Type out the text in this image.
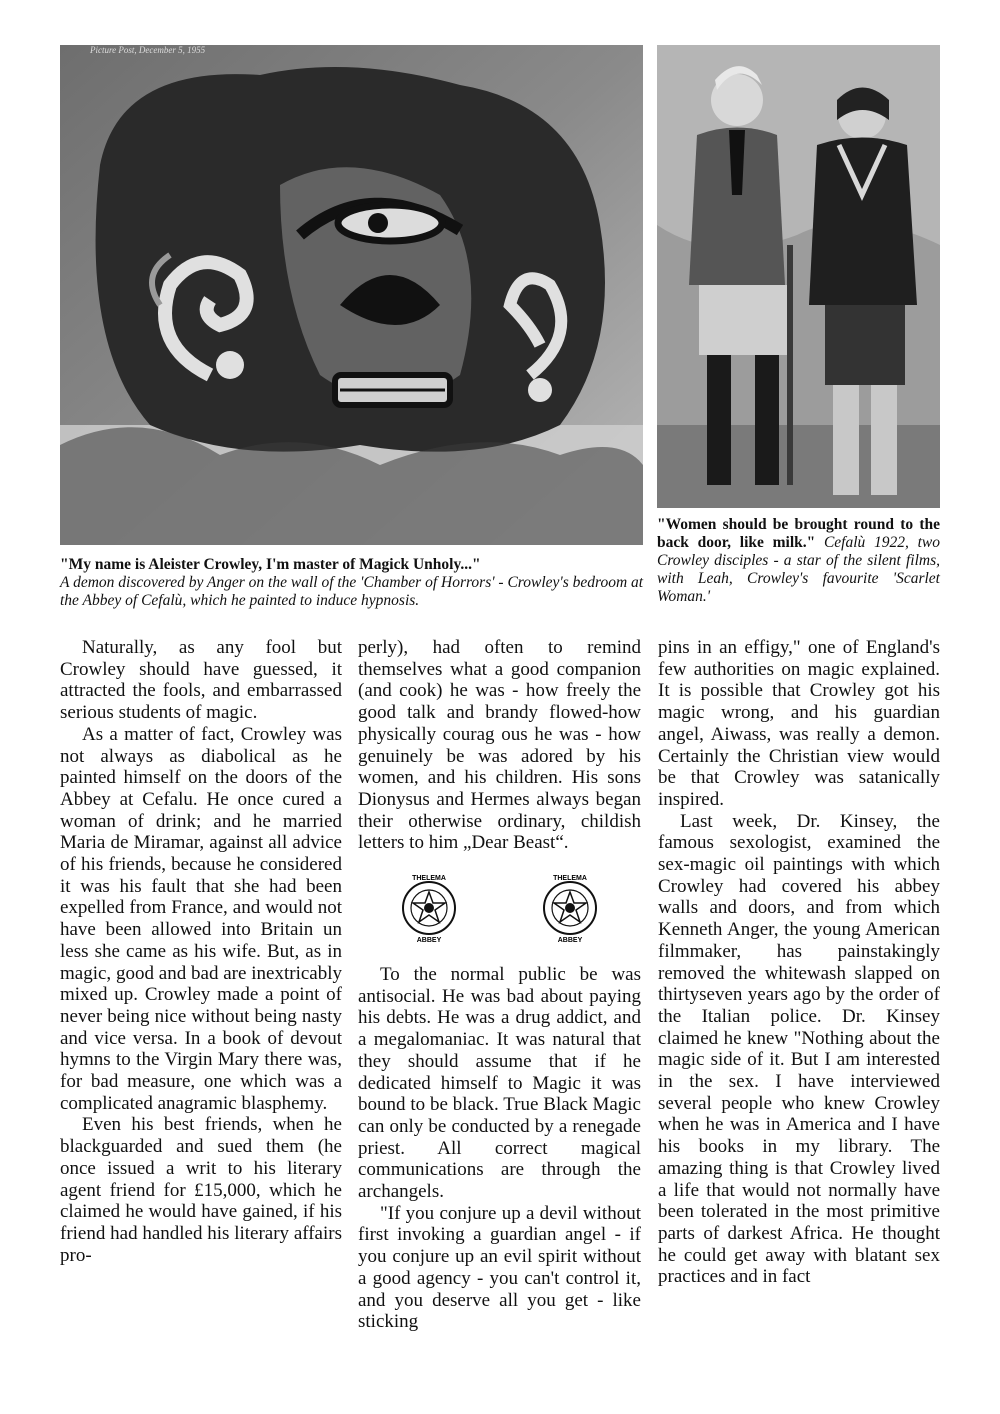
Picture Post, December 5, 1955
"My name is Aleister Crowley, I'm master of Magick Unholy..."
A demon discovered by Anger on the wall of the 'Chamber of Horrors' - Crowley's bedroom at the Abbey of Cefalù, which he painted to induce hypnosis.
"Women should be brought round to the back door, like milk." Cefalù 1922, two Crowley disciples - a star of the silent films, with Leah, Crowley's favourite 'Scarlet Woman.'

Naturally, as any fool but Crowley should have guessed, it attracted the fools, and embarrassed serious students of magic.

As a matter of fact, Crowley was not always as diabolical as he painted himself on the doors of the Abbey at Cefalu. He once cured a woman of drink; and he married Maria de Miramar, against all advice of his friends, because he considered it was his fault that she had been expelled from France, and would not have been allowed into Britain un less she came as his wife. But, as in magic, good and bad are inextricably mixed up. Crowley made a point of never being nice without being nasty and vice versa. In a book of devout hymns to the Virgin Mary there was, for bad measure, one which was a complicated anagramic blasphemy.

Even his best friends, when he blackguarded and sued them (he once issued a writ to his literary agent friend for £15,000, which he claimed he would have gained, if his friend had handled his literary affairs pro-

perly), had often to remind themselves what a good companion (and cook) he was - how freely the good talk and brandy flowed-how physically courag ous he was - how genuinely be was adored by his women, and his children. His sons Dionysus and Hermes always began their otherwise ordinary, childish letters to him „Dear Beast“.

THELEMA
ABBEY
THELEMA
ABBEY

To the normal public be was antisocial. He was bad about paying his debts. He was a drug addict, and a megalomaniac. It was natural that they should assume that if he dedicated himself to Magic it was bound to be black. True Black Magic can only be conducted by a renegade priest. All correct magical communications are through the archangels.

"If you conjure up a devil without first invoking a guardian angel - if you conjure up an evil spirit without a good agency - you can't control it, and you deserve all you get - like sticking

pins in an effigy," one of England's few authorities on magic explained. It is possible that Crowley got his magic wrong, and his guardian angel, Aiwass, was really a demon. Certainly the Christian view would be that Crowley was satanically inspired.

Last week, Dr. Kinsey, the famous sexologist, examined the sex-magic oil paintings with which Crowley had covered his abbey walls and doors, and from which Kenneth Anger, the young American filmmaker, has painstakingly removed the whitewash slapped on thirtyseven years ago by the order of the Italian police. Dr. Kinsey claimed he knew "Nothing about the magic side of it. But I am interested in the sex. I have interviewed several people who knew Crowley when he was in America and I have his books in my library. The amazing thing is that Crowley lived a life that would not normally have been tolerated in the most primitive parts of darkest Africa. He thought he could get away with blatant sex practices and in fact
